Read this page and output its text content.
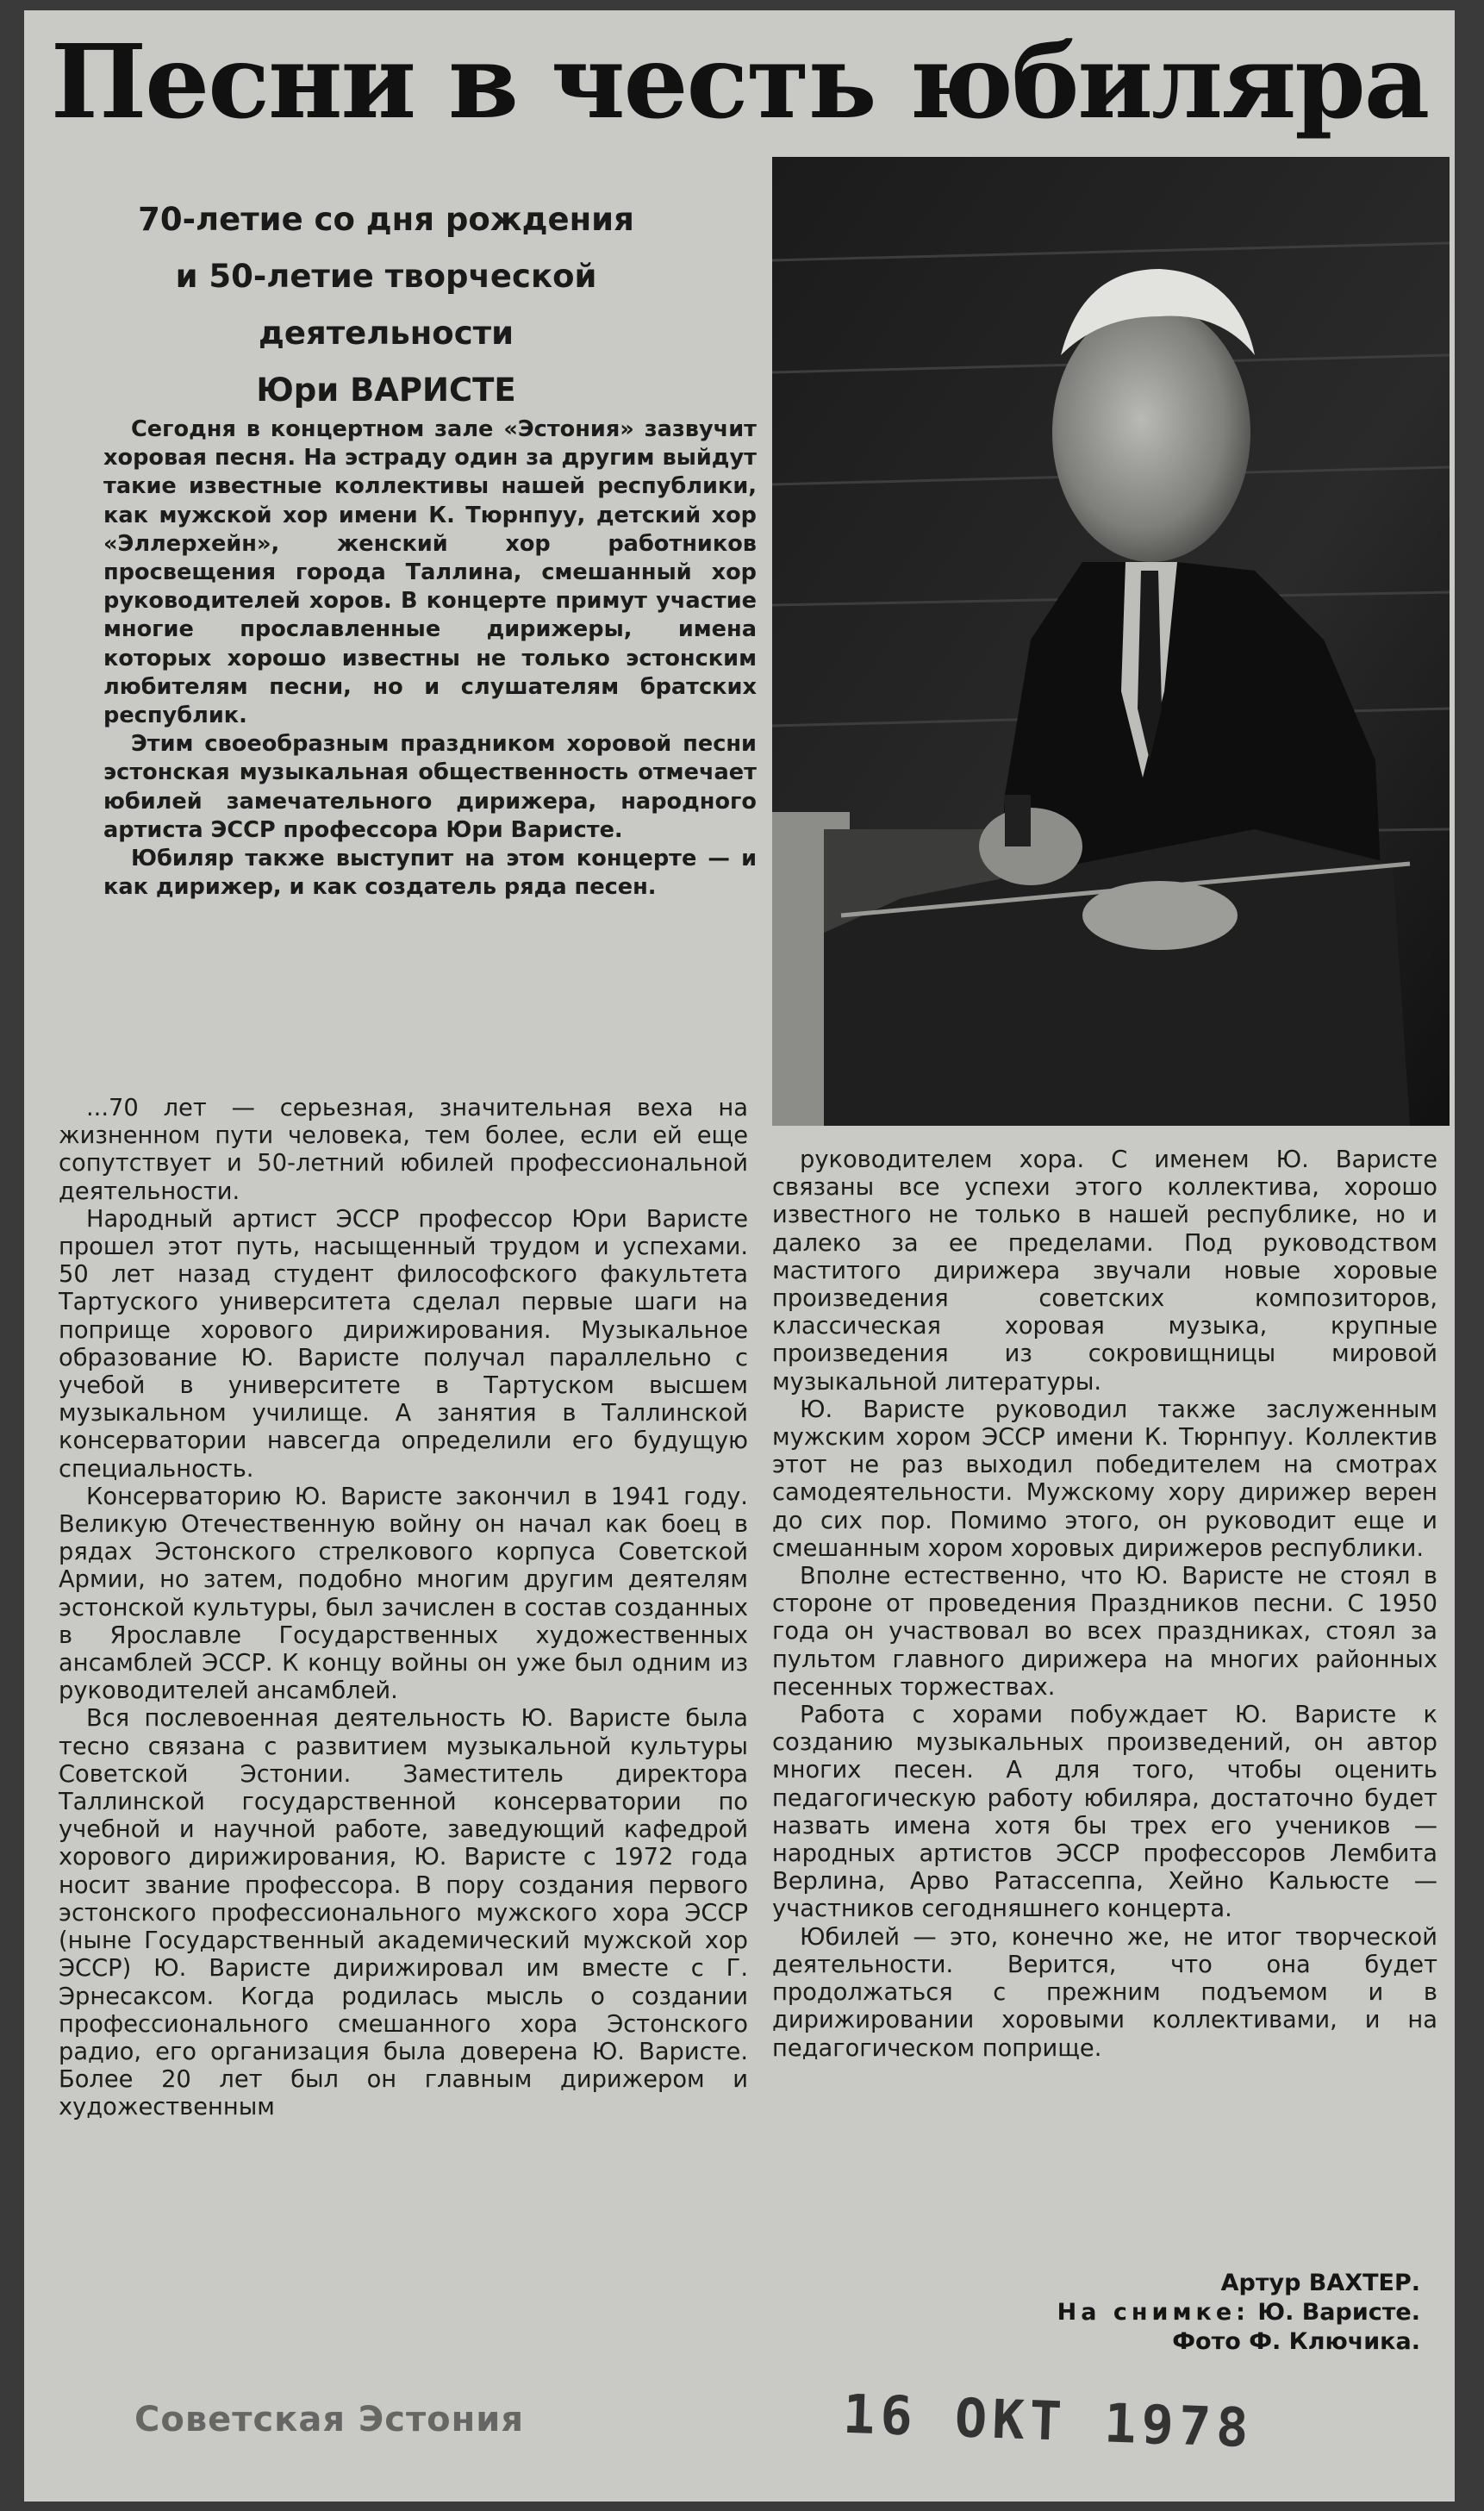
Песни в честь юбиляра
70-летие со дня рождения
и 50-летие творческой деятельности
Юри ВАРИСТЕ

Сегодня в концертном зале «Эстония» зазвучит хоровая песня. На эстраду один за другим выйдут такие известные коллективы нашей республики, как мужской хор имени К. Тюрнпуу, детский хор «Эллерхейн», женский хор работников просвещения города Таллина, смешанный хор руководителей хоров. В концерте примут участие многие прославленные дирижеры, имена которых хорошо известны не только эстонским любителям песни, но и слушателям братских республик.

Этим своеобразным праздником хоровой песни эстонская музыкальная общественность отмечает юбилей замечательного дирижера, народного артиста ЭССР профессора Юри Варисте.

Юбиляр также выступит на этом концерте — и как дирижер, и как создатель ряда песен.

...70 лет — серьезная, значительная веха на жизненном пути человека, тем более, если ей еще сопутствует и 50-летний юбилей профессиональной деятельности.

Народный артист ЭССР профессор Юри Варисте прошел этот путь, насыщенный трудом и успехами. 50 лет назад студент философского факультета Тартуского университета сделал первые шаги на поприще хорового дирижирования. Музыкальное образование Ю. Варисте получал параллельно с учебой в университете в Тартуском высшем музыкальном училище. А занятия в Таллинской консерватории навсегда определили его будущую специальность.

Консерваторию Ю. Варисте закончил в 1941 году. Великую Отечественную войну он начал как боец в рядах Эстонского стрелкового корпуса Советской Армии, но затем, подобно многим другим деятелям эстонской культуры, был зачислен в состав созданных в Ярославле Государственных художественных ансамблей ЭССР. К концу войны он уже был одним из руководителей ансамблей.

Вся послевоенная деятельность Ю. Варисте была тесно связана с развитием музыкальной культуры Советской Эстонии. Заместитель директора Таллинской государственной консерватории по учебной и научной работе, заведующий кафедрой хорового дирижирования, Ю. Варисте с 1972 года носит звание профессора. В пору создания первого эстонского профессионального мужского хора ЭССР (ныне Государственный академический мужской хор ЭССР) Ю. Варисте дирижировал им вместе с Г. Эрнесаксом. Когда родилась мысль о создании профессионального смешанного хора Эстонского радио, его организация была доверена Ю. Варисте. Более 20 лет был он главным дирижером и художественным

руководителем хора. С именем Ю. Варисте связаны все успехи этого коллектива, хорошо известного не только в нашей республике, но и далеко за ее пределами. Под руководством маститого дирижера звучали новые хоровые произведения советских композиторов, классическая хоровая музыка, крупные произведения из сокровищницы мировой музыкальной литературы.

Ю. Варисте руководил также заслуженным мужским хором ЭССР имени К. Тюрнпуу. Коллектив этот не раз выходил победителем на смотрах самодеятельности. Мужскому хору дирижер верен до сих пор. Помимо этого, он руководит еще и смешанным хором хоровых дирижеров республики.

Вполне естественно, что Ю. Варисте не стоял в стороне от проведения Праздников песни. С 1950 года он участвовал во всех праздниках, стоял за пультом главного дирижера на многих районных песенных торжествах.

Работа с хорами побуждает Ю. Варисте к созданию музыкальных произведений, он автор многих песен. А для того, чтобы оценить педагогическую работу юбиляра, достаточно будет назвать имена хотя бы трех его учеников — народных артистов ЭССР профессоров Лембита Верлина, Арво Ратассеппа, Хейно Кальюсте — участников сегодняшнего концерта.

Юбилей — это, конечно же, не итог творческой деятельности. Верится, что она будет продолжаться с прежним подъемом и в дирижировании хоровыми коллективами, и на педагогическом поприще.

Артур ВАХТЕР.
На снимке: Ю. Варисте.
Фото Ф. Ключика.
Советская Эстония	16 ОКТ 1978
